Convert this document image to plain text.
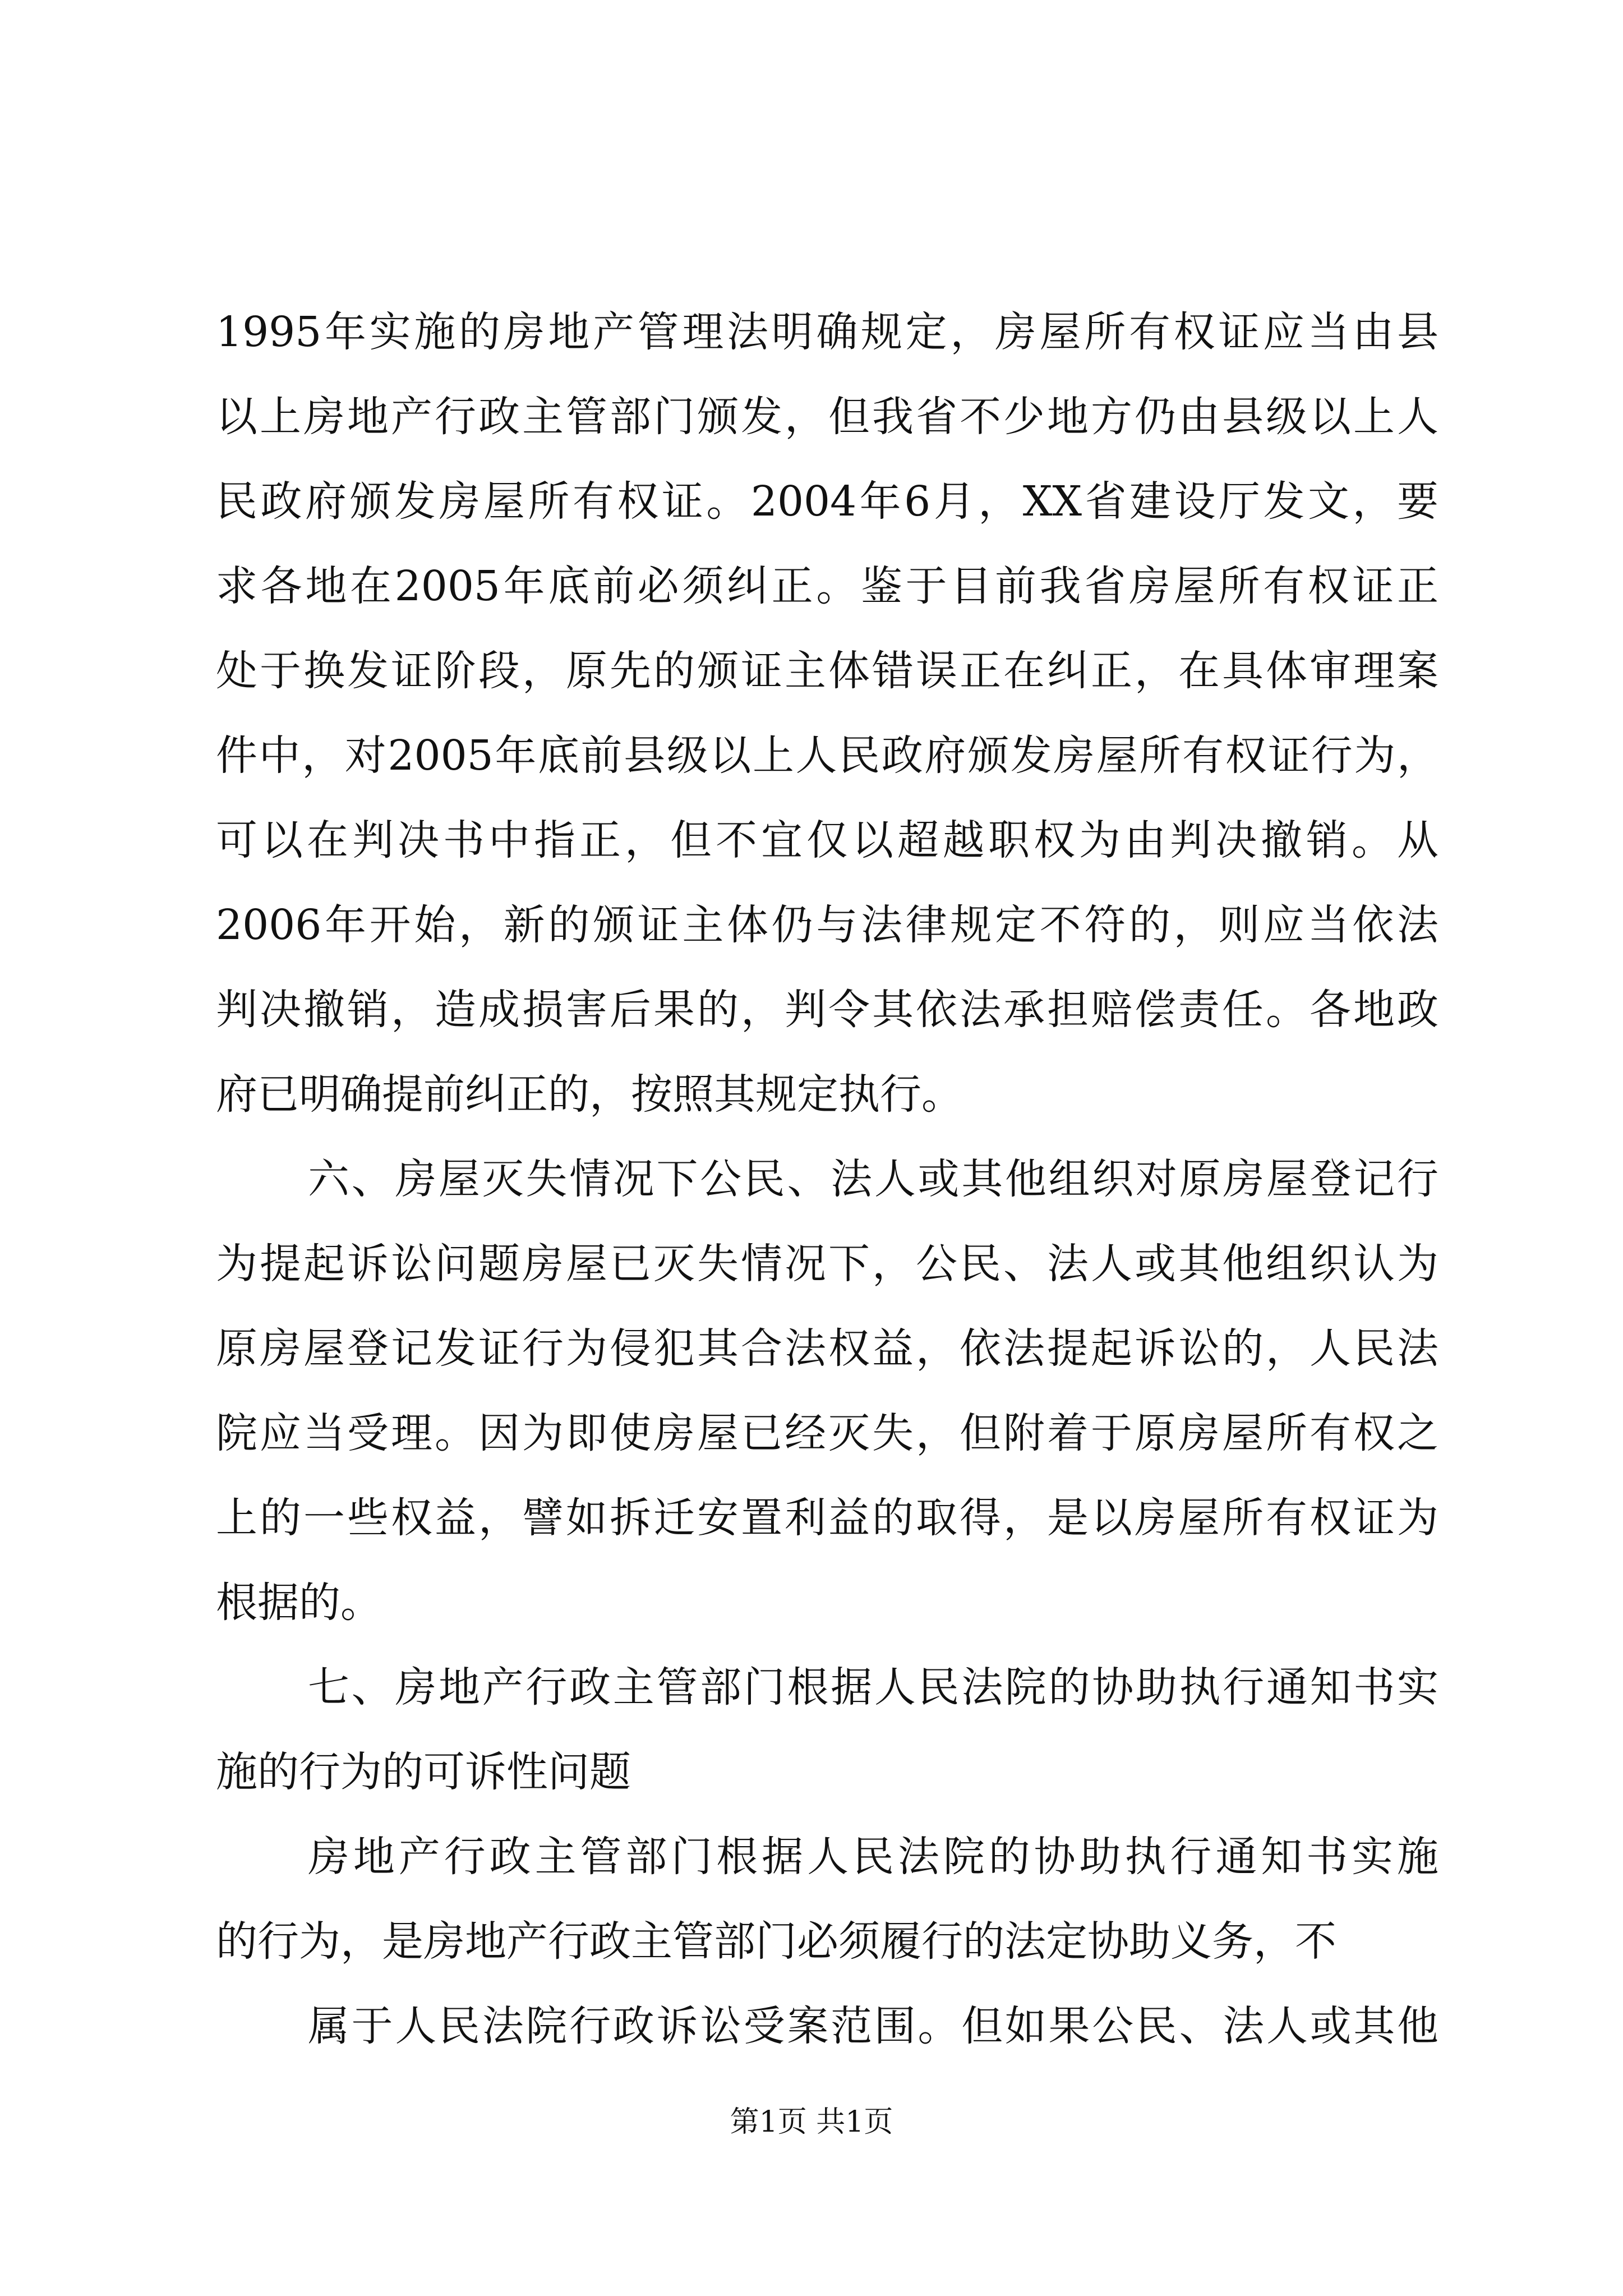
1995年实施的房地产管理法明确规定，房屋所有权证应当由县
以上房地产行政主管部门颁发，但我省不少地方仍由县级以上人
民政府颁发房屋所有权证。2004年6月，XX省建设厅发文，要
求各地在2005年底前必须纠正。鉴于目前我省房屋所有权证正
处于换发证阶段，原先的颁证主体错误正在纠正，在具体审理案
件中，对2005年底前县级以上人民政府颁发房屋所有权证行为，
可以在判决书中指正，但不宜仅以超越职权为由判决撤销。从
2006年开始，新的颁证主体仍与法律规定不符的，则应当依法
判决撤销，造成损害后果的，判令其依法承担赔偿责任。各地政
府已明确提前纠正的，按照其规定执行。
六、房屋灭失情况下公民、法人或其他组织对原房屋登记行
为提起诉讼问题房屋已灭失情况下，公民、法人或其他组织认为
原房屋登记发证行为侵犯其合法权益，依法提起诉讼的，人民法
院应当受理。因为即使房屋已经灭失，但附着于原房屋所有权之
上的一些权益，譬如拆迁安置利益的取得，是以房屋所有权证为
根据的。
七、房地产行政主管部门根据人民法院的协助执行通知书实
施的行为的可诉性问题
房地产行政主管部门根据人民法院的协助执行通知书实施
的行为，是房地产行政主管部门必须履行的法定协助义务，不
属于人民法院行政诉讼受案范围。但如果公民、法人或其他
第1页 共1页
